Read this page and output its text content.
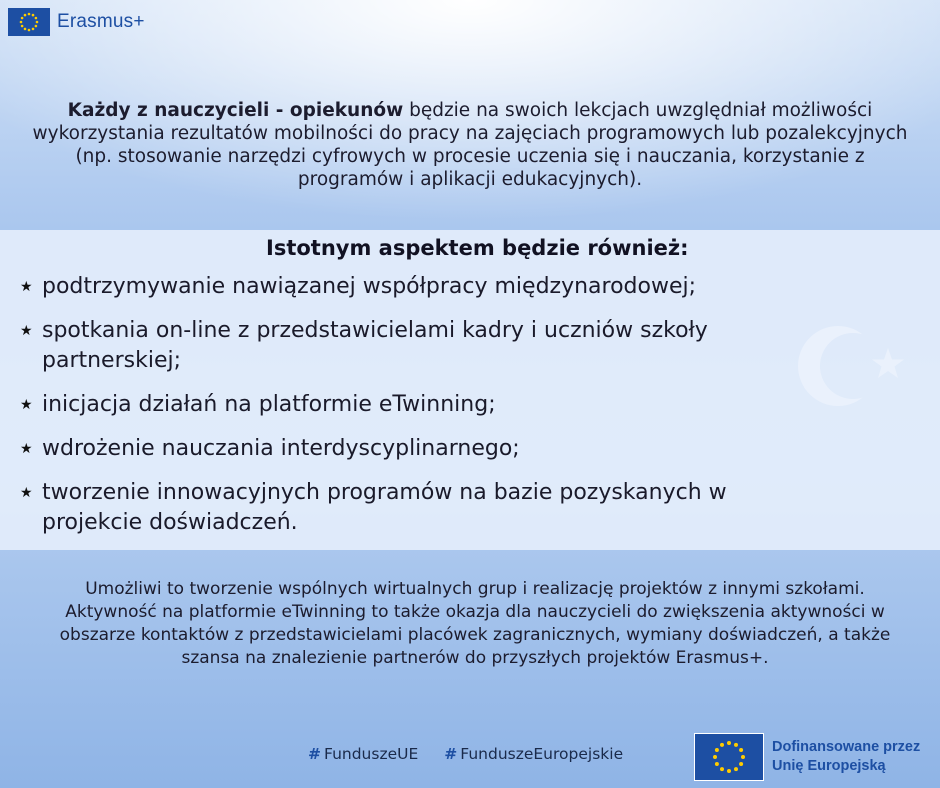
Erasmus+
Każdy z nauczycieli - opiekunów będzie na swoich lekcjach uwzględniał możliwości wykorzystania rezultatów mobilności do pracy na zajęciach programowych lub pozalekcyjnych (np. stosowanie narzędzi cyfrowych w procesie uczenia się i nauczania, korzystanie z programów i aplikacji edukacyjnych).
Istotnym aspektem będzie również:
★ podtrzymywanie nawiązanej współpracy międzynarodowej;
★ spotkania on-line z przedstawicielami kadry i uczniów szkoły partnerskiej;
★ inicjacja działań na platformie eTwinning;
★ wdrożenie nauczania interdyscyplinarnego;
★ tworzenie innowacyjnych programów na bazie pozyskanych w projekcie doświadczeń.
Umożliwi to tworzenie wspólnych wirtualnych grup i realizację projektów z innymi szkołami. Aktywność na platformie eTwinning to także okazja dla nauczycieli do zwiększenia aktywności w obszarze kontaktów z przedstawicielami placówek zagranicznych, wymiany doświadczeń, a także szansa na znalezienie partnerów do przyszłych projektów Erasmus+.
# FunduszeUE # FunduszeEuropejskie	Dofinansowane przez
Unię Europejską
